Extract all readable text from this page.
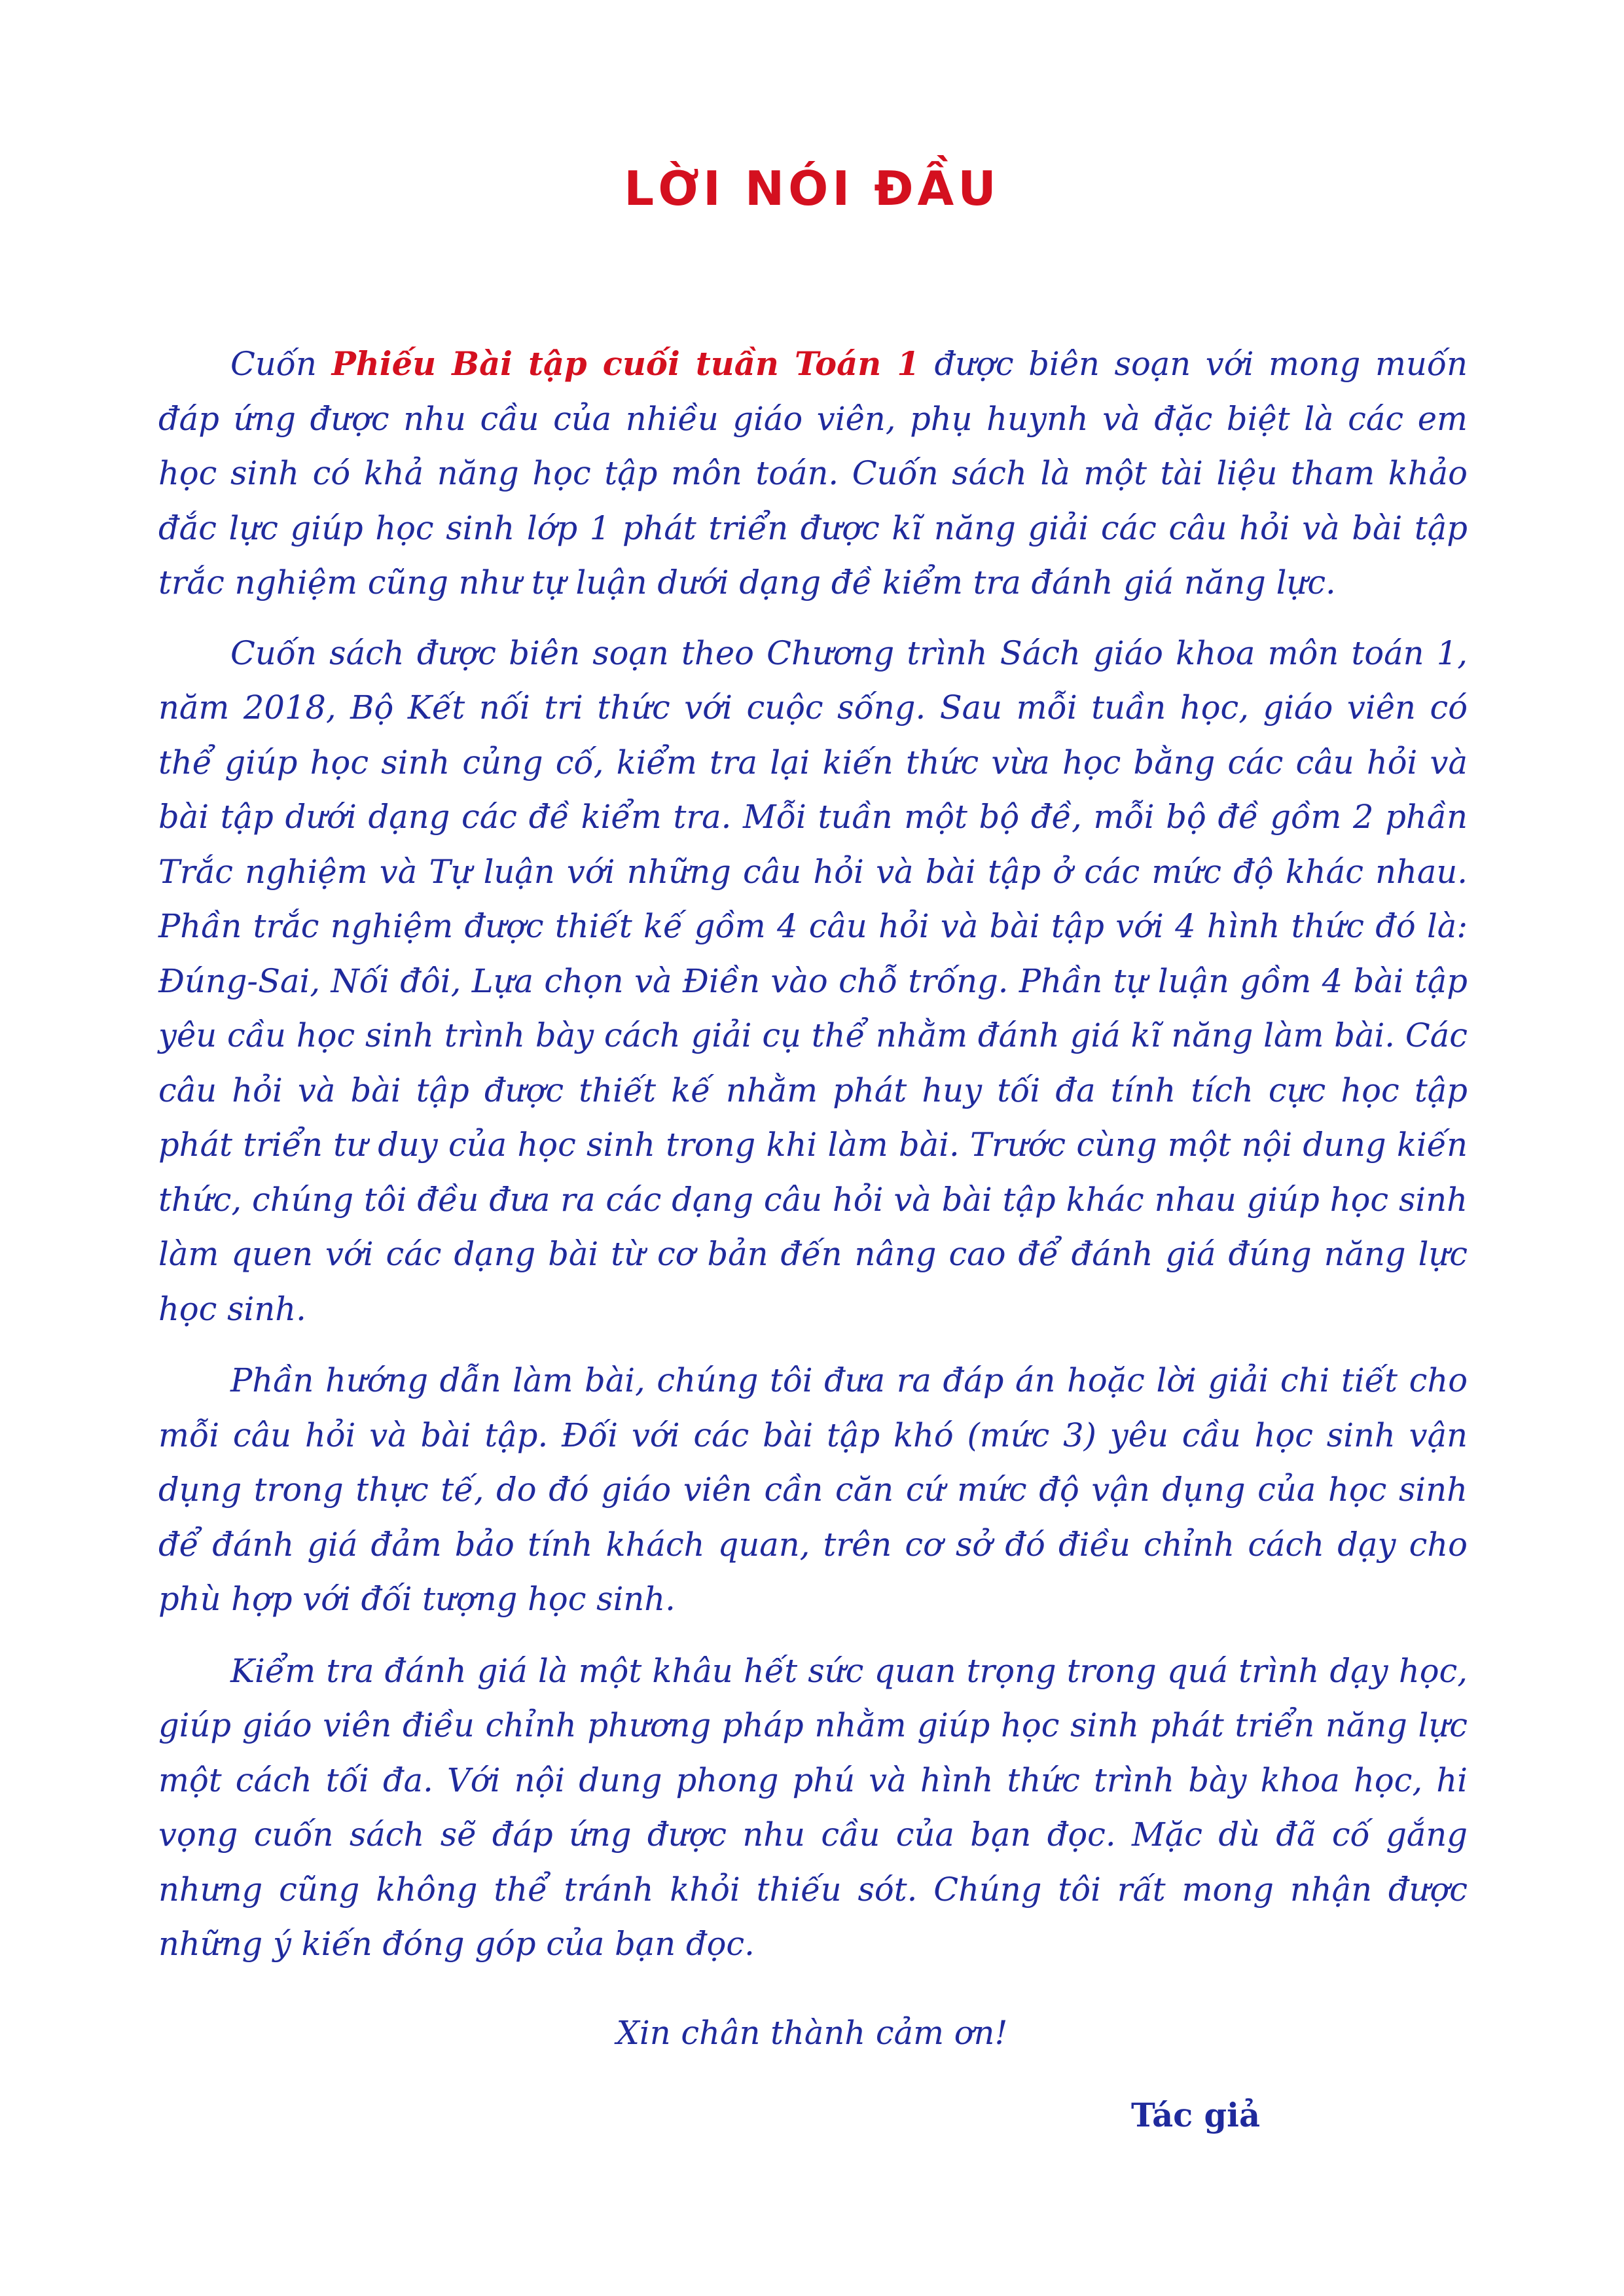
LỜI NÓI ĐẦU

Cuốn Phiếu Bài tập cuối tuần Toán 1 được biên soạn với mong muốn đáp ứng được nhu cầu của nhiều giáo viên, phụ huynh và đặc biệt là các em học sinh có khả năng học tập môn toán. Cuốn sách là một tài liệu tham khảo đắc lực giúp học sinh lớp 1 phát triển được kĩ năng giải các câu hỏi và bài tập trắc nghiệm cũng như tự luận dưới dạng đề kiểm tra đánh giá năng lực.

Cuốn sách được biên soạn theo Chương trình Sách giáo khoa môn toán 1, năm 2018, Bộ Kết nối tri thức với cuộc sống. Sau mỗi tuần học, giáo viên có thể giúp học sinh củng cố, kiểm tra lại kiến thức vừa học bằng các câu hỏi và bài tập dưới dạng các đề kiểm tra. Mỗi tuần một bộ đề, mỗi bộ đề gồm 2 phần Trắc nghiệm và Tự luận với những câu hỏi và bài tập ở các mức độ khác nhau. Phần trắc nghiệm được thiết kế gồm 4 câu hỏi và bài tập với 4 hình thức đó là: Đúng-Sai, Nối đôi, Lựa chọn và Điền vào chỗ trống. Phần tự luận gồm 4 bài tập yêu cầu học sinh trình bày cách giải cụ thể nhằm đánh giá kĩ năng làm bài. Các câu hỏi và bài tập được thiết kế nhằm phát huy tối đa tính tích cực học tập phát triển tư duy của học sinh trong khi làm bài. Trước cùng một nội dung kiến thức, chúng tôi đều đưa ra các dạng câu hỏi và bài tập khác nhau giúp học sinh làm quen với các dạng bài từ cơ bản đến nâng cao để đánh giá đúng năng lực học sinh.

Phần hướng dẫn làm bài, chúng tôi đưa ra đáp án hoặc lời giải chi tiết cho mỗi câu hỏi và bài tập. Đối với các bài tập khó (mức 3) yêu cầu học sinh vận dụng trong thực tế, do đó giáo viên cần căn cứ mức độ vận dụng của học sinh để đánh giá đảm bảo tính khách quan, trên cơ sở đó điều chỉnh cách dạy cho phù hợp với đối tượng học sinh.

Kiểm tra đánh giá là một khâu hết sức quan trọng trong quá trình dạy học, giúp giáo viên điều chỉnh phương pháp nhằm giúp học sinh phát triển năng lực một cách tối đa. Với nội dung phong phú và hình thức trình bày khoa học, hi vọng cuốn sách sẽ đáp ứng được nhu cầu của bạn đọc. Mặc dù đã cố gắng nhưng cũng không thể tránh khỏi thiếu sót. Chúng tôi rất mong nhận được những ý kiến đóng góp của bạn đọc.

Xin chân thành cảm ơn!

Tác giả
